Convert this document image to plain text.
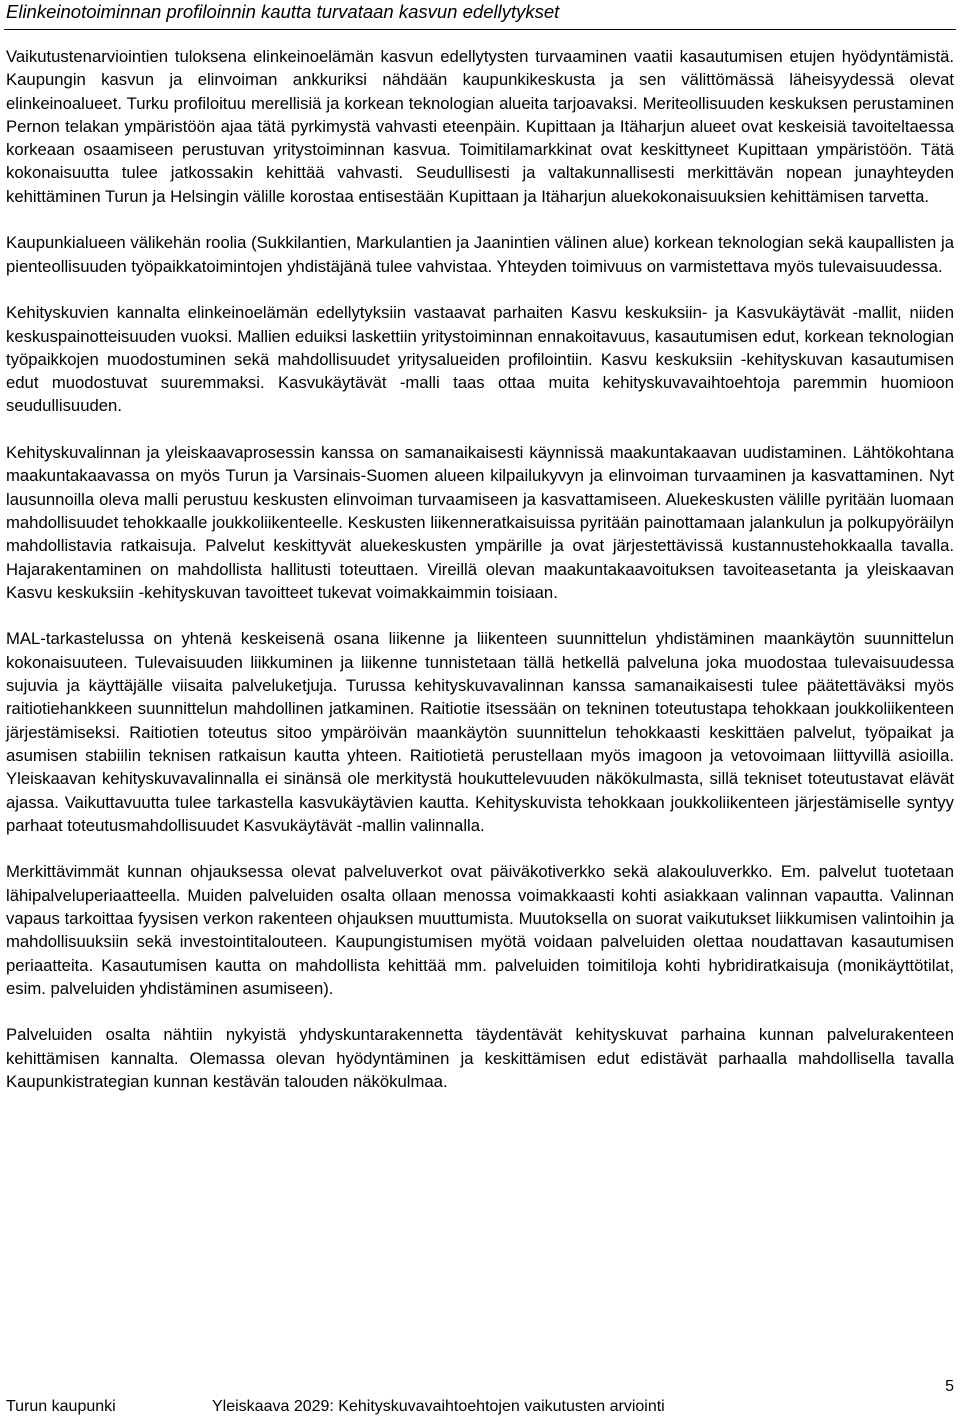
Elinkeinotoiminnan profiloinnin kautta turvataan kasvun edellytykset

Vaikutustenarviointien tuloksena elinkeinoelämän kasvun edellytysten turvaaminen vaatii kasautumisen etujen hyödyntämistä. Kaupungin kasvun ja elinvoiman ankkuriksi nähdään kaupunkikeskusta ja sen välittömässä läheisyydessä olevat elinkeinoalueet. Turku profiloituu merellisiä ja korkean teknologian alueita tarjoavaksi. Meriteollisuuden keskuksen perustaminen Pernon telakan ympäristöön ajaa tätä pyrkimystä vahvasti eteenpäin. Kupittaan ja Itäharjun alueet ovat keskeisiä tavoiteltaessa korkeaan osaamiseen perustuvan yritystoiminnan kasvua. Toimitilamarkkinat ovat keskittyneet Kupittaan ympäristöön. Tätä kokonaisuutta tulee jatkossakin kehittää vahvasti. Seudullisesti ja valtakunnallisesti merkittävän nopean junayhteyden kehittäminen Turun ja Helsingin välille korostaa entisestään Kupittaan ja Itäharjun aluekokonaisuuksien kehittämisen tarvetta.

Kaupunkialueen välikehän roolia (Sukkilantien, Markulantien ja Jaanintien välinen alue) korkean teknologian sekä kaupallisten ja pienteollisuuden työpaikkatoimintojen yhdistäjänä tulee vahvistaa. Yhteyden toimivuus on varmistettava myös tulevaisuudessa.

Kehityskuvien kannalta elinkeinoelämän edellytyksiin vastaavat parhaiten Kasvu keskuksiin- ja Kasvukäytävät -mallit, niiden keskuspainotteisuuden vuoksi. Mallien eduiksi laskettiin yritystoiminnan ennakoitavuus, kasautumisen edut, korkean teknologian työpaikkojen muodostuminen sekä mahdollisuudet yritysalueiden profilointiin. Kasvu keskuksiin -kehityskuvan kasautumisen edut muodostuvat suuremmaksi. Kasvukäytävät -malli taas ottaa muita kehityskuvavaihtoehtoja paremmin huomioon seudullisuuden.

Kehityskuvalinnan ja yleiskaavaprosessin kanssa on samanaikaisesti käynnissä maakuntakaavan uudistaminen. Lähtökohtana maakuntakaavassa on myös Turun ja Varsinais-Suomen alueen kilpailukyvyn ja elinvoiman turvaaminen ja kasvattaminen. Nyt lausunnoilla oleva malli perustuu keskusten elinvoiman turvaamiseen ja kasvattamiseen. Aluekeskusten välille pyritään luomaan mahdollisuudet tehokkaalle joukkoliikenteelle. Keskusten liikenneratkaisuissa pyritään painottamaan jalankulun ja polkupyöräilyn mahdollistavia ratkaisuja. Palvelut keskittyvät aluekeskusten ympärille ja ovat järjestettävissä kustannustehokkaalla tavalla. Hajarakentaminen on mahdollista hallitusti toteuttaen. Vireillä olevan maakuntakaavoituksen tavoiteasetanta ja yleiskaavan Kasvu keskuksiin -kehityskuvan tavoitteet tukevat voimakkaimmin toisiaan.

MAL-tarkastelussa on yhtenä keskeisenä osana liikenne ja liikenteen suunnittelun yhdistäminen maankäytön suunnittelun kokonaisuuteen. Tulevaisuuden liikkuminen ja liikenne tunnistetaan tällä hetkellä palveluna joka muodostaa tulevaisuudessa sujuvia ja käyttäjälle viisaita palveluketjuja. Turussa kehityskuvavalinnan kanssa samanaikaisesti tulee päätettäväksi myös raitiotiehankkeen suunnittelun mahdollinen jatkaminen. Raitiotie itsessään on tekninen toteutustapa tehokkaan joukkoliikenteen järjestämiseksi. Raitiotien toteutus sitoo ympäröivän maankäytön suunnittelun tehokkaasti keskittäen palvelut, työpaikat ja asumisen stabiilin teknisen ratkaisun kautta yhteen. Raitiotietä perustellaan myös imagoon ja vetovoimaan liittyvillä asioilla. Yleiskaavan kehityskuvavalinnalla ei sinänsä ole merkitystä houkuttelevuuden näkökulmasta, sillä tekniset toteutustavat elävät ajassa. Vaikuttavuutta tulee tarkastella kasvukäytävien kautta. Kehityskuvista tehokkaan joukkoliikenteen järjestämiselle syntyy parhaat toteutusmahdollisuudet Kasvukäytävät -mallin valinnalla.

Merkittävimmät kunnan ohjauksessa olevat palveluverkot ovat päiväkotiverkko sekä alakouluverkko. Em. palvelut tuotetaan lähipalveluperiaatteella. Muiden palveluiden osalta ollaan menossa voimakkaasti kohti asiakkaan valinnan vapautta. Valinnan vapaus tarkoittaa fyysisen verkon rakenteen ohjauksen muuttumista. Muutoksella on suorat vaikutukset liikkumisen valintoihin ja mahdollisuuksiin sekä investointitalouteen. Kaupungistumisen myötä voidaan palveluiden olettaa noudattavan kasautumisen periaatteita. Kasautumisen kautta on mahdollista kehittää mm. palveluiden toimitiloja kohti hybridiratkaisuja (monikäyttötilat, esim. palveluiden yhdistäminen asumiseen).

Palveluiden osalta nähtiin nykyistä yhdyskuntarakennetta täydentävät kehityskuvat parhaina kunnan palvelurakenteen kehittämisen kannalta. Olemassa olevan hyödyntäminen ja keskittämisen edut edistävät parhaalla mahdollisella tavalla Kaupunkistrategian kunnan kestävän talouden näkökulmaa.

5
Turun kaupunki	Yleiskaava 2029: Kehityskuvavaihtoehtojen vaikutusten arviointi
